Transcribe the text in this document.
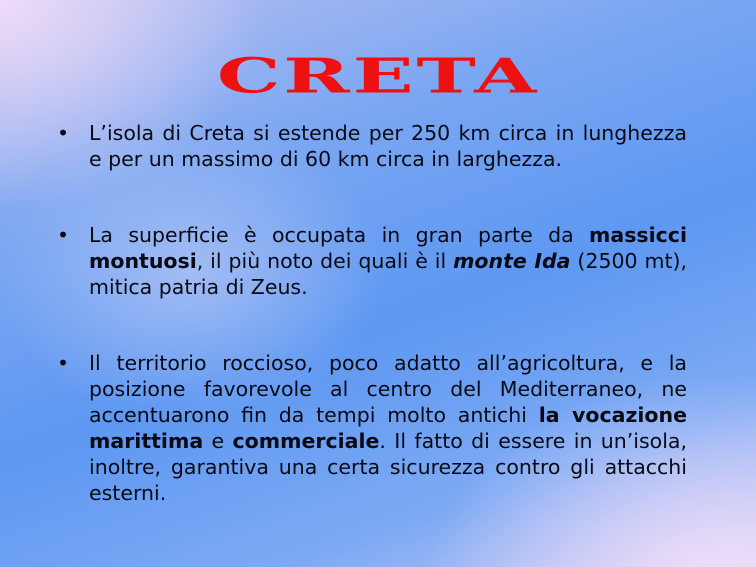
CRETA
• L’isola di Creta si estende per 250 km circa in lunghezza e per un massimo di 60 km circa in larghezza.
• La superficie è occupata in gran parte da massicci montuosi, il più noto dei quali è il monte Ida (2500 mt), mitica patria di Zeus.
• Il territorio roccioso, poco adatto all’agricoltura, e la posizione favorevole al centro del Mediterraneo, ne accentuarono fin da tempi molto antichi la vocazione marittima e commerciale. Il fatto di essere in un’isola, inoltre, garantiva una certa sicurezza contro gli attacchi esterni.
